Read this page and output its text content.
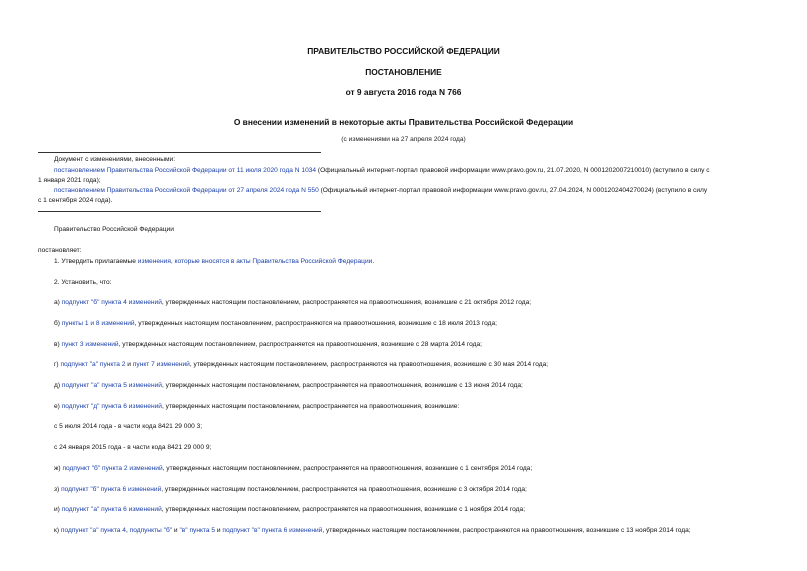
ПРАВИТЕЛЬСТВО РОССИЙСКОЙ ФЕДЕРАЦИИ
ПОСТАНОВЛЕНИЕ
от 9 августа 2016 года N 766
О внесении изменений в некоторые акты Правительства Российской Федерации
(с изменениями на 27 апреля 2024 года)
Документ с изменениями, внесенными:
постановлением Правительства Российской Федерации от 11 июля 2020 года N 1034 (Официальный интернет-портал правовой информации www.pravo.gov.ru, 21.07.2020, N 0001202007210010) (вступило в силу с
1 января 2021 года);
постановлением Правительства Российской Федерации от 27 апреля 2024 года N 550 (Официальный интернет-портал правовой информации www.pravo.gov.ru, 27.04.2024, N 0001202404270024) (вступило в силу
с 1 сентября 2024 года).
Правительство Российской Федерации
постановляет:
1. Утвердить прилагаемые изменения, которые вносятся в акты Правительства Российской Федерации.
2. Установить, что:
а) подпункт "б" пункта 4 изменений, утвержденных настоящим постановлением, распространяется на правоотношения, возникшие с 21 октября 2012 года;
б) пункты 1 и 8 изменений, утвержденных настоящим постановлением, распространяются на правоотношения, возникшие с 18 июля 2013 года;
в) пункт 3 изменений, утвержденных настоящим постановлением, распространяется на правоотношения, возникшие с 28 марта 2014 года;
г) подпункт "а" пункта 2 и пункт 7 изменений, утвержденных настоящим постановлением, распространяются на правоотношения, возникшие с 30 мая 2014 года;
д) подпункт "а" пункта 5 изменений, утвержденных настоящим постановлением, распространяется на правоотношения, возникшие с 13 июня 2014 года;
е) подпункт "д" пункта 6 изменений, утвержденных настоящим постановлением, распространяется на правоотношения, возникшие:
с 5 июля 2014 года - в части кода 8421 29 000 3;
с 24 января 2015 года - в части кода 8421 29 000 9;
ж) подпункт "б" пункта 2 изменений, утвержденных настоящим постановлением, распространяется на правоотношения, возникшие с 1 сентября 2014 года;
з) подпункт "б" пункта 6 изменений, утвержденных настоящим постановлением, распространяется на правоотношения, возникшие с 3 октября 2014 года;
и) подпункт "а" пункта 6 изменений, утвержденных настоящим постановлением, распространяется на правоотношения, возникшие с 1 ноября 2014 года;
к) подпункт "а" пункта 4, подпункты "б" и "в" пункта 5 и подпункт "в" пункта 6 изменений, утвержденных настоящим постановлением, распространяются на правоотношения, возникшие с 13 ноября 2014 года;
